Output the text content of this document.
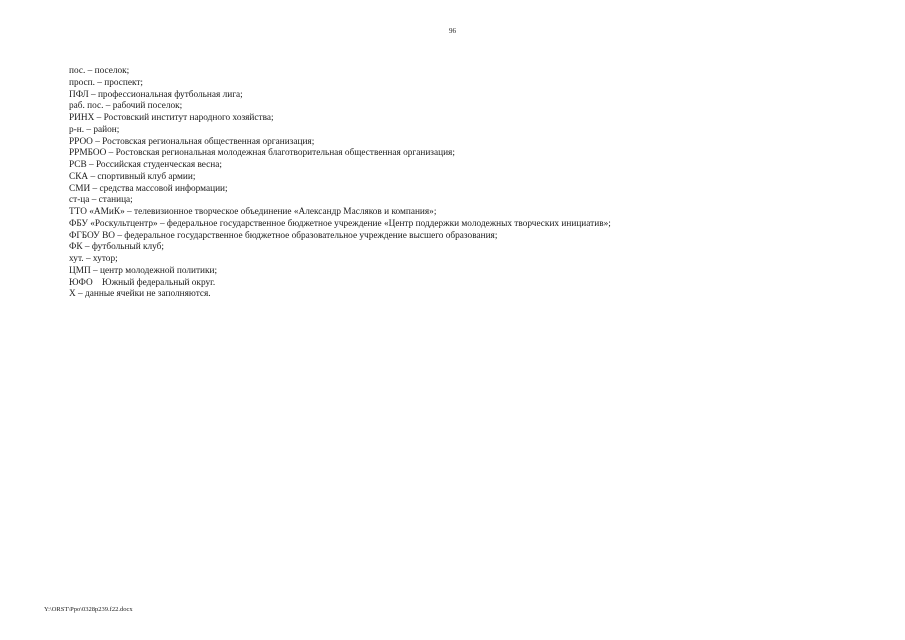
96
пос. – поселок;
просп. – проспект;
ПФЛ – профессиональная футбольная лига;
раб. пос. – рабочий поселок;
РИНХ – Ростовский институт народного хозяйства;
р-н. – район;
РРОО – Ростовская региональная общественная организация;
РРМБОО – Ростовская региональная молодежная благотворительная общественная организация;
РСВ – Российская студенческая весна;
СКА – спортивный клуб армии;
СМИ – средства массовой информации;
ст-ца – станица;
ТТО «АМиК» – телевизионное творческое объединение «Александр Масляков и компания»;
ФБУ «Роскультцентр» – федеральное государственное бюджетное учреждение «Центр поддержки молодежных творческих инициатив»;
ФГБОУ ВО – федеральное государственное бюджетное образовательное учреждение высшего образования;
ФК – футбольный клуб;
хут. – хутор;
ЦМП – центр молодежной политики;
ЮФО    Южный федеральный округ.
Х – данные ячейки не заполняются.
Y:\ORST\Ppo\0328p239.f22.docx
